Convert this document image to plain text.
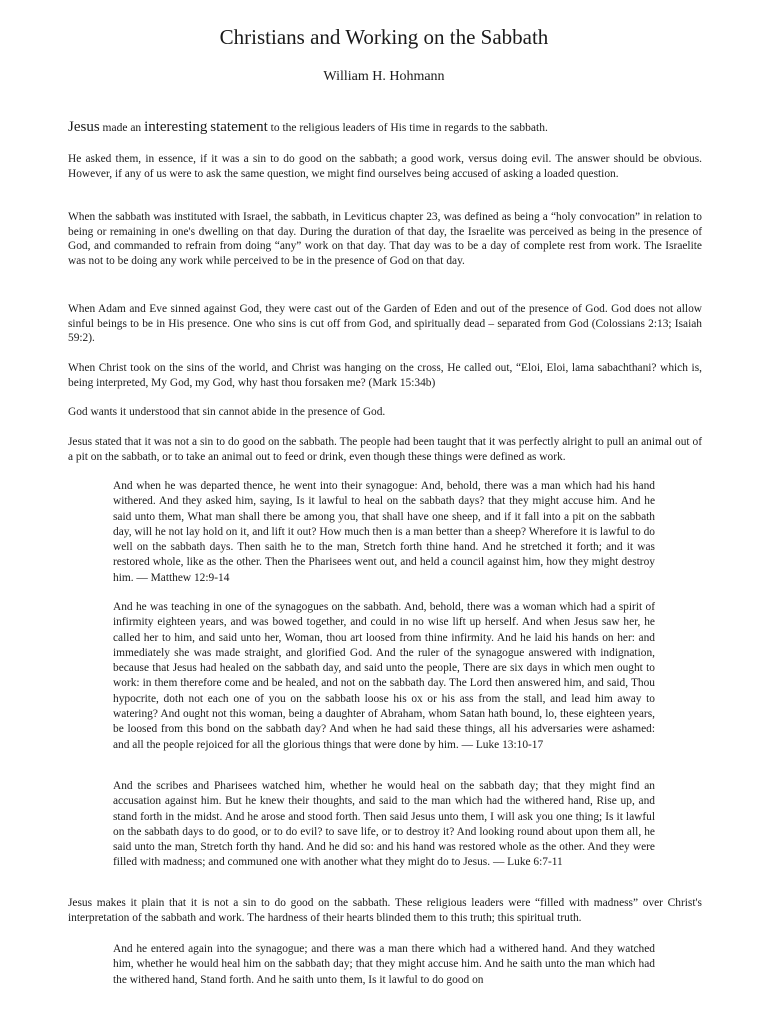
Christians and Working on the Sabbath

William H. Hohmann

Jesus made an interesting statement to the religious leaders of His time in regards to the sabbath.

He asked them, in essence, if it was a sin to do good on the sabbath; a good work, versus doing evil. The answer should be obvious. However, if any of us were to ask the same question, we might find ourselves being accused of asking a loaded question.

When the sabbath was instituted with Israel, the sabbath, in Leviticus chapter 23, was defined as being a “holy convocation” in relation to being or remaining in one's dwelling on that day. During the duration of that day, the Israelite was perceived as being in the presence of God, and commanded to refrain from doing “any” work on that day. That day was to be a day of complete rest from work. The Israelite was not to be doing any work while perceived to be in the presence of God on that day.

When Adam and Eve sinned against God, they were cast out of the Garden of Eden and out of the presence of God. God does not allow sinful beings to be in His presence. One who sins is cut off from God, and spiritually dead – separated from God (Colossians 2:13; Isaiah 59:2).

When Christ took on the sins of the world, and Christ was hanging on the cross, He called out, “Eloi, Eloi, lama sabachthani? which is, being interpreted, My God, my God, why hast thou forsaken me? (Mark 15:34b)

God wants it understood that sin cannot abide in the presence of God.

Jesus stated that it was not a sin to do good on the sabbath. The people had been taught that it was perfectly alright to pull an animal out of a pit on the sabbath, or to take an animal out to feed or drink, even though these things were defined as work.

And when he was departed thence, he went into their synagogue: And, behold, there was a man which had his hand withered. And they asked him, saying, Is it lawful to heal on the sabbath days? that they might accuse him. And he said unto them, What man shall there be among you, that shall have one sheep, and if it fall into a pit on the sabbath day, will he not lay hold on it, and lift it out? How much then is a man better than a sheep? Wherefore it is lawful to do well on the sabbath days. Then saith he to the man, Stretch forth thine hand. And he stretched it forth; and it was restored whole, like as the other. Then the Pharisees went out, and held a council against him, how they might destroy him. — Matthew 12:9-14

And he was teaching in one of the synagogues on the sabbath. And, behold, there was a woman which had a spirit of infirmity eighteen years, and was bowed together, and could in no wise lift up herself. And when Jesus saw her, he called her to him, and said unto her, Woman, thou art loosed from thine infirmity. And he laid his hands on her: and immediately she was made straight, and glorified God. And the ruler of the synagogue answered with indignation, because that Jesus had healed on the sabbath day, and said unto the people, There are six days in which men ought to work: in them therefore come and be healed, and not on the sabbath day. The Lord then answered him, and said, Thou hypocrite, doth not each one of you on the sabbath loose his ox or his ass from the stall, and lead him away to watering? And ought not this woman, being a daughter of Abraham, whom Satan hath bound, lo, these eighteen years, be loosed from this bond on the sabbath day? And when he had said these things, all his adversaries were ashamed: and all the people rejoiced for all the glorious things that were done by him. — Luke 13:10-17

And the scribes and Pharisees watched him, whether he would heal on the sabbath day; that they might find an accusation against him. But he knew their thoughts, and said to the man which had the withered hand, Rise up, and stand forth in the midst. And he arose and stood forth. Then said Jesus unto them, I will ask you one thing; Is it lawful on the sabbath days to do good, or to do evil? to save life, or to destroy it? And looking round about upon them all, he said unto the man, Stretch forth thy hand. And he did so: and his hand was restored whole as the other. And they were filled with madness; and communed one with another what they might do to Jesus. — Luke 6:7-11

Jesus makes it plain that it is not a sin to do good on the sabbath. These religious leaders were “filled with madness” over Christ's interpretation of the sabbath and work. The hardness of their hearts blinded them to this truth; this spiritual truth.

And he entered again into the synagogue; and there was a man there which had a withered hand. And they watched him, whether he would heal him on the sabbath day; that they might accuse him. And he saith unto the man which had the withered hand, Stand forth. And he saith unto them, Is it lawful to do good on
